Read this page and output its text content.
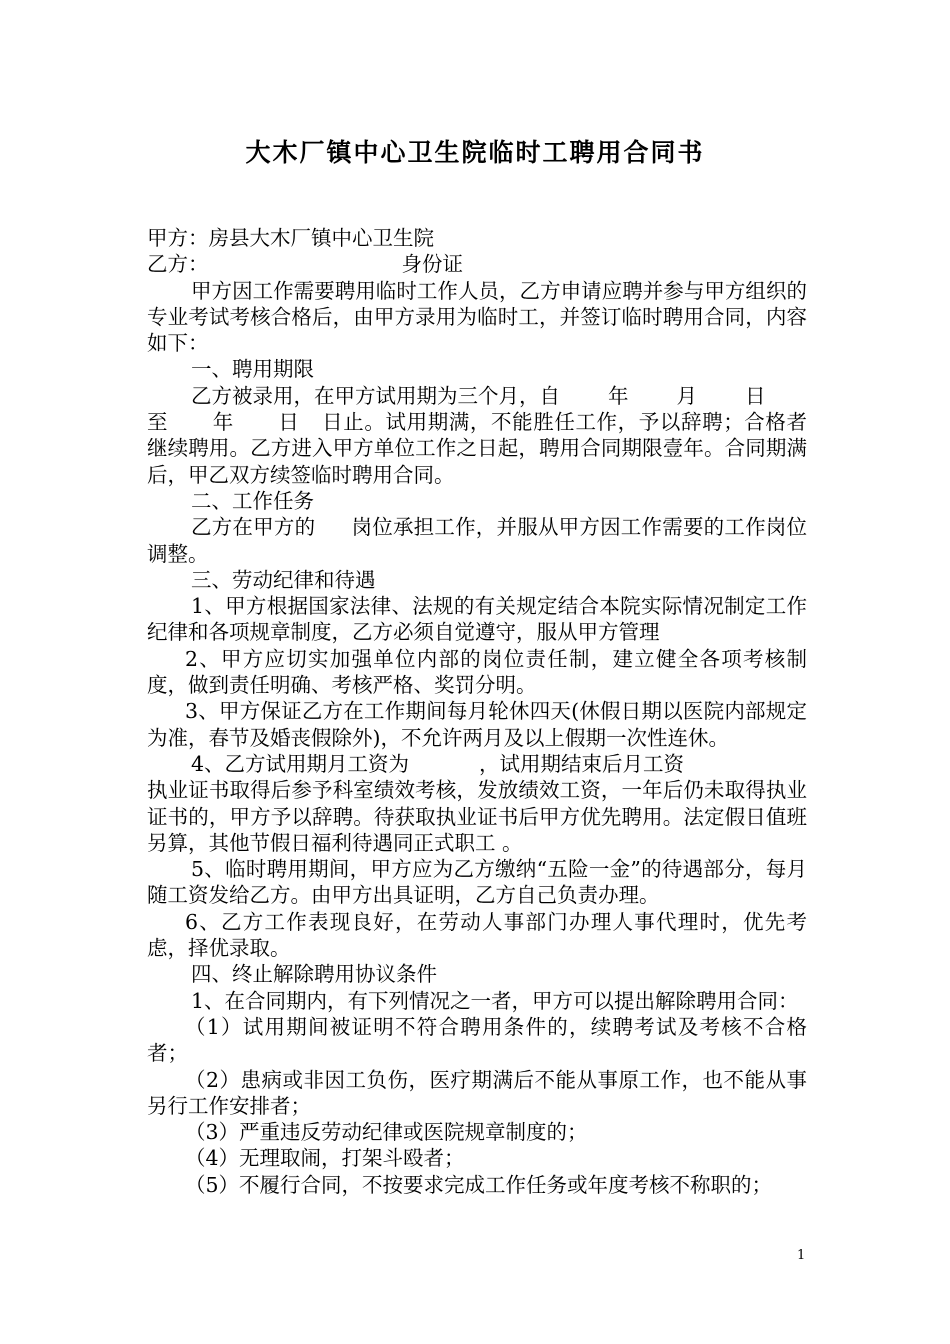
大木厂镇中心卫生院临时工聘用合同书

甲方：房县大木厂镇中心卫生院

乙方：	身份证

甲方因工作需要聘用临时工作人员，乙方申请应聘并参与甲方组织的专业考试考核合格后，由甲方录用为临时工，并签订临时聘用合同，内容如下：

一、聘用期限

乙方被录用，在甲方试用期为三个月，自 年 月 日
至 年 日 日止。试用期满，不能胜任工作，予以辞聘；合格者继续聘用。乙方进入甲方单位工作之日起，聘用合同期限壹年。合同期满后，甲乙双方续签临时聘用合同。

二、工作任务

乙方在甲方的 岗位承担工作，并服从甲方因工作需要的工作岗位调整。

三、劳动纪律和待遇

1、甲方根据国家法律、法规的有关规定结合本院实际情况制定工作纪律和各项规章制度，乙方必须自觉遵守，服从甲方管理

2、甲方应切实加强单位内部的岗位责任制，建立健全各项考核制度，做到责任明确、考核严格、奖罚分明。

3、甲方保证乙方在工作期间每月轮休四天(休假日期以医院内部规定为准，春节及婚丧假除外)，不允许两月及以上假期一次性连休。

4、乙方试用期月工资为	，试用期结束后月工资
执业证书取得后参予科室绩效考核，发放绩效工资，一年后仍未取得执业证书的，甲方予以辞聘。待获取执业证书后甲方优先聘用。法定假日值班另算，其他节假日福利待遇同正式职工 。

5、临时聘用期间，甲方应为乙方缴纳“五险一金”的待遇部分，每月随工资发给乙方。由甲方出具证明，乙方自己负责办理。

6、乙方工作表现良好，在劳动人事部门办理人事代理时，优先考虑，择优录取。

四、终止解除聘用协议条件

1、在合同期内，有下列情况之一者，甲方可以提出解除聘用合同：

（1）试用期间被证明不符合聘用条件的，续聘考试及考核不合格者；

（2）患病或非因工负伤，医疗期满后不能从事原工作，也不能从事另行工作安排者；

（3）严重违反劳动纪律或医院规章制度的；

（4）无理取闹，打架斗殴者；

（5）不履行合同，不按要求完成工作任务或年度考核不称职的；

1
